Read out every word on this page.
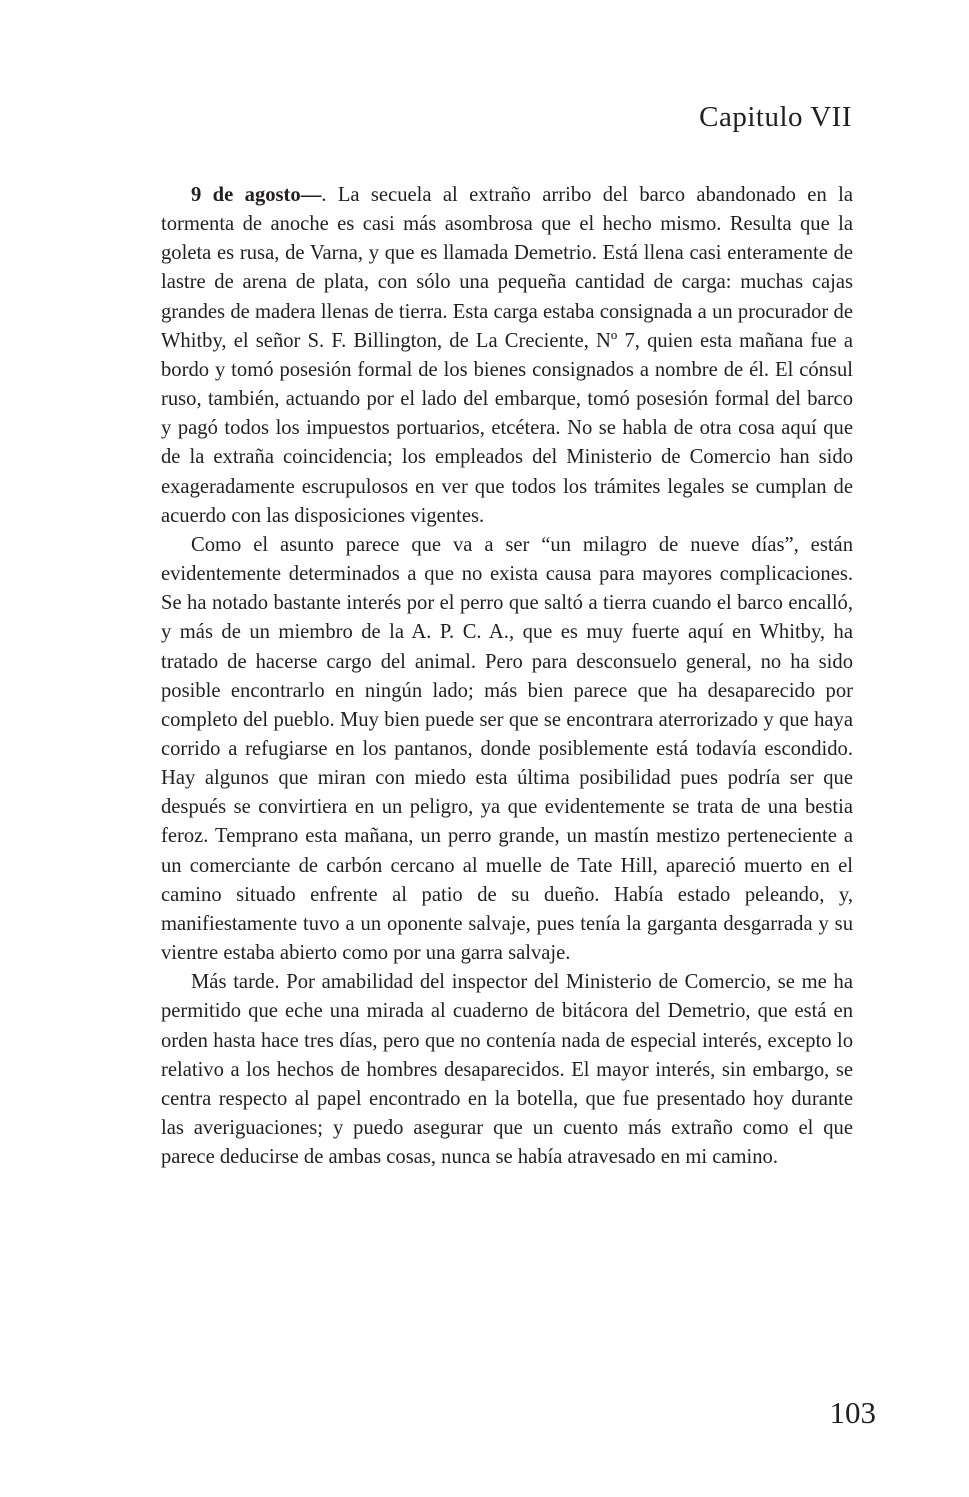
Capitulo VII

9 de agosto—. La secuela al extraño arribo del barco abandonado en la tormenta de anoche es casi más asombrosa que el hecho mismo. Resulta que la goleta es rusa, de Varna, y que es llamada Demetrio. Está llena casi enteramente de lastre de arena de plata, con sólo una pequeña cantidad de carga: muchas cajas grandes de madera llenas de tierra. Esta carga estaba consignada a un procurador de Whitby, el señor S. F. Billington, de La Creciente, Nº 7, quien esta mañana fue a bordo y tomó posesión formal de los bienes consignados a nombre de él. El cónsul ruso, también, actuando por el lado del embarque, tomó posesión formal del barco y pagó todos los impuestos portuarios, etcétera. No se habla de otra cosa aquí que de la extraña coincidencia; los empleados del Ministerio de Comercio han sido exageradamente escrupulosos en ver que todos los trámites legales se cumplan de acuerdo con las disposiciones vigentes.

Como el asunto parece que va a ser “un milagro de nueve días”, están evidentemente determinados a que no exista causa para mayores complicaciones. Se ha notado bastante interés por el perro que saltó a tierra cuando el barco encalló, y más de un miembro de la A. P. C. A., que es muy fuerte aquí en Whitby, ha tratado de hacerse cargo del animal. Pero para desconsuelo general, no ha sido posible encontrarlo en ningún lado; más bien parece que ha desaparecido por completo del pueblo. Muy bien puede ser que se encontrara aterrorizado y que haya corrido a refugiarse en los pantanos, donde posiblemente está todavía escondido. Hay algunos que miran con miedo esta última posibilidad pues podría ser que después se convirtiera en un peligro, ya que evidentemente se trata de una bestia feroz. Temprano esta mañana, un perro grande, un mastín mestizo perteneciente a un comerciante de carbón cercano al muelle de Tate Hill, apareció muerto en el camino situado enfrente al patio de su dueño. Había estado peleando, y, manifiestamente tuvo a un oponente salvaje, pues tenía la garganta desgarrada y su vientre estaba abierto como por una garra salvaje.

Más tarde. Por amabilidad del inspector del Ministerio de Comercio, se me ha permitido que eche una mirada al cuaderno de bitácora del Demetrio, que está en orden hasta hace tres días, pero que no contenía nada de especial interés, excepto lo relativo a los hechos de hombres desaparecidos. El mayor interés, sin embargo, se centra respecto al papel encontrado en la botella, que fue presentado hoy durante las averiguaciones; y puedo asegurar que un cuento más extraño como el que parece deducirse de ambas cosas, nunca se había atravesado en mi camino.

103
